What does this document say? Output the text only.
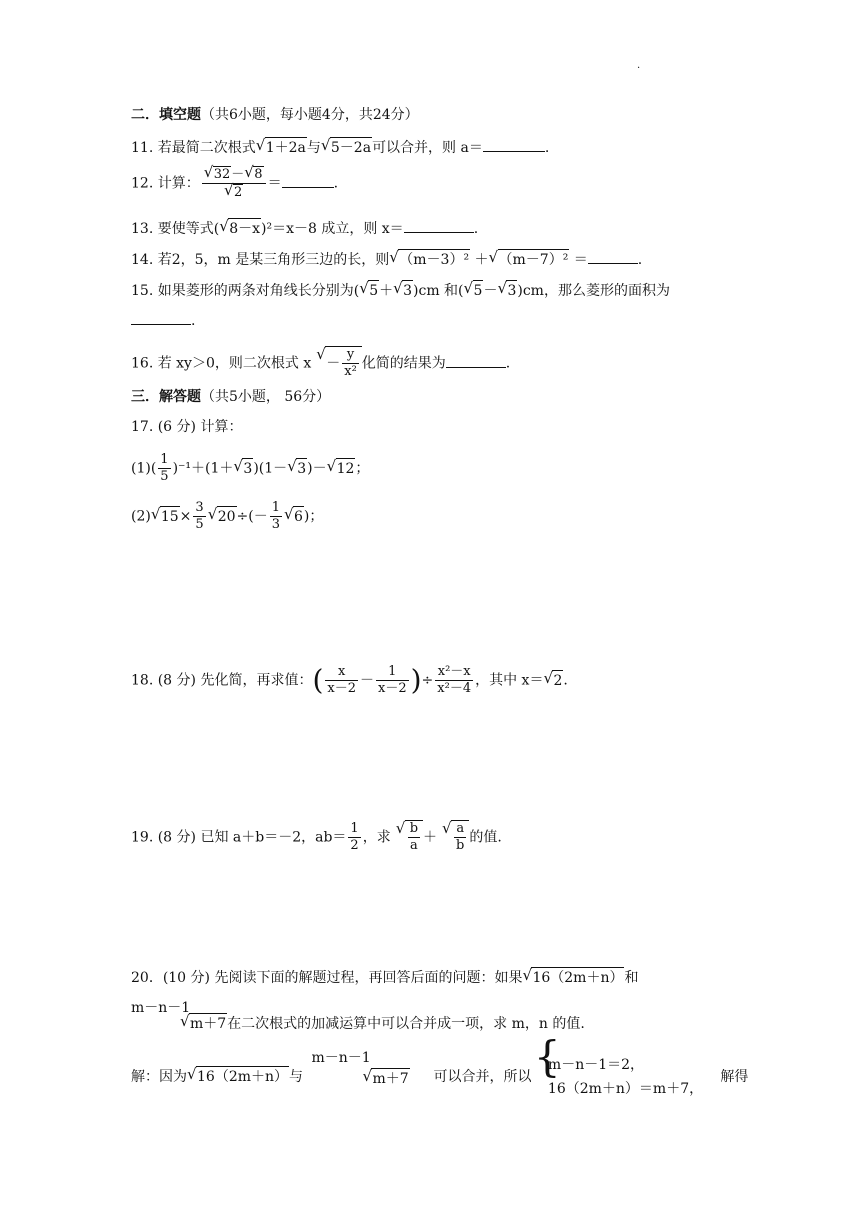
.
二．填空题（共6小题，每小题4分，共24分）
11. 若最简二次根式√ 1＋2a与√ 5－2a可以合并，则 a＝	.
12. 计算：
√ 32－√ 8
√ 2 ＝	.
13. 要使等式(√ 8－x)²＝x－8 成立，则 x＝	.
14. 若2，5，m 是某三角形三边的长，则√ （m－3）² ＋√ （m－7）² ＝	.
15. 如果菱形的两条对角线长分别为(√ 5＋√ 3)cm 和(√ 5－√ 3)cm，那么菱形的面积为
.
16. 若 xy＞0，则二次根式 $x√ - \frac{y}{\text{x²}}$ 化简的结果为	.
三．解答题（共5小题， 56分）
17. (6 分) 计算：
$(1)( \frac{1}{5} )^{-1}+(1+√$ 3)(1－√ 3)－√ 12；
(2)√ $15\times \frac{3}{5}$
√ $20\div(- \frac{1}{3}$
√ 6)；
18. (8 分) 先化简，再求值：( $\frac{x}{x-2} - \frac{1}{x-2}$ )÷ $\frac{\text{x²－x}}{\text{x²－4}}$ ，其中 x＝√ 2.
19. (8 分) 已知 a＋b＝－2，$ab= \frac{1}{2}$ ，求
√ $\frac{b}{a}$ ＋
√ $\frac{a}{b}$ 的值.
20．(10 分) 先阅读下面的解题过程，再回答后面的问题：如果√ 16（2m＋n）和
m－n－1
√ m＋7在二次根式的加减运算中可以合并成一项，求 m，n 的值.
解：因为√ 16（2m＋n）与
m－n－1
√ m＋7 可以合并，所以 {
m－n－1＝2，
16（2m＋n）＝m＋7，
解得
